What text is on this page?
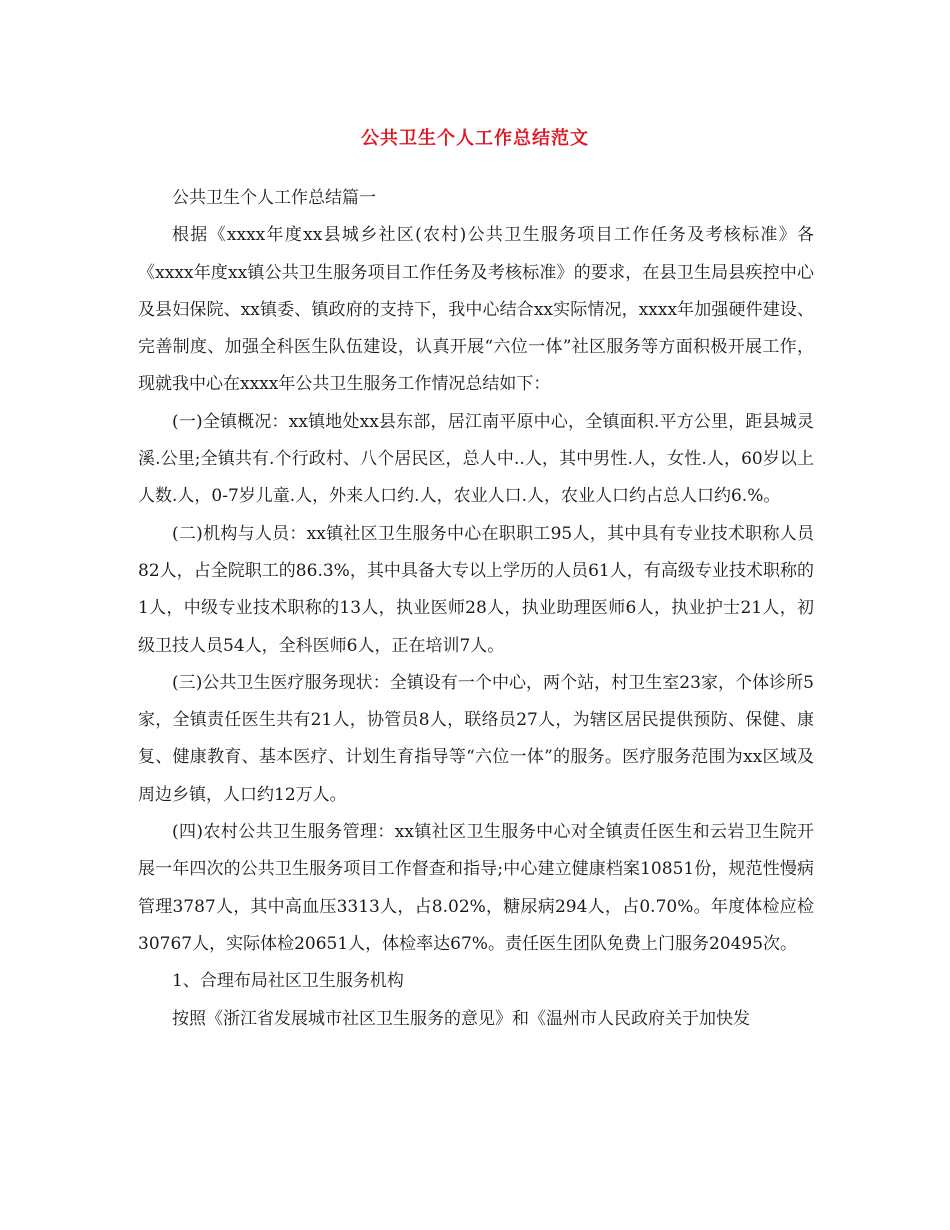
公共卫生个人工作总结范文

公共卫生个人工作总结篇一

根据《xxxx年度xx县城乡社区(农村)公共卫生服务项目工作任务及考核标准》各《xxxx年度xx镇公共卫生服务项目工作任务及考核标准》的要求，在县卫生局县疾控中心及县妇保院、xx镇委、镇政府的支持下，我中心结合xx实际情况，xxxx年加强硬件建设、完善制度、加强全科医生队伍建设，认真开展“六位一体”社区服务等方面积极开展工作，现就我中心在xxxx年公共卫生服务工作情况总结如下：

(一)全镇概况：xx镇地处xx县东部，居江南平原中心，全镇面积.平方公里，距县城灵溪.公里;全镇共有.个行政村、八个居民区，总人中..人，其中男性.人，女性.人，60岁以上人数.人，0-7岁儿童.人，外来人口约.人，农业人口.人，农业人口约占总人口约6.%。

(二)机构与人员：xx镇社区卫生服务中心在职职工95人，其中具有专业技术职称人员82人，占全院职工的86.3%，其中具备大专以上学历的人员61人，有高级专业技术职称的1人，中级专业技术职称的13人，执业医师28人，执业助理医师6人，执业护士21人，初级卫技人员54人，全科医师6人，正在培训7人。

(三)公共卫生医疗服务现状：全镇设有一个中心，两个站，村卫生室23家，个体诊所5家，全镇责任医生共有21人，协管员8人，联络员27人，为辖区居民提供预防、保健、康复、健康教育、基本医疗、计划生育指导等“六位一体”的服务。医疗服务范围为xx区域及周边乡镇，人口约12万人。

(四)农村公共卫生服务管理：xx镇社区卫生服务中心对全镇责任医生和云岩卫生院开展一年四次的公共卫生服务项目工作督查和指导;中心建立健康档案10851份，规范性慢病管理3787人，其中高血压3313人，占8.02%，糖尿病294人，占0.70%。年度体检应检30767人，实际体检20651人，体检率达67%。责任医生团队免费上门服务20495次。

1、合理布局社区卫生服务机构

按照《浙江省发展城市社区卫生服务的意见》和《温州市人民政府关于加快发
